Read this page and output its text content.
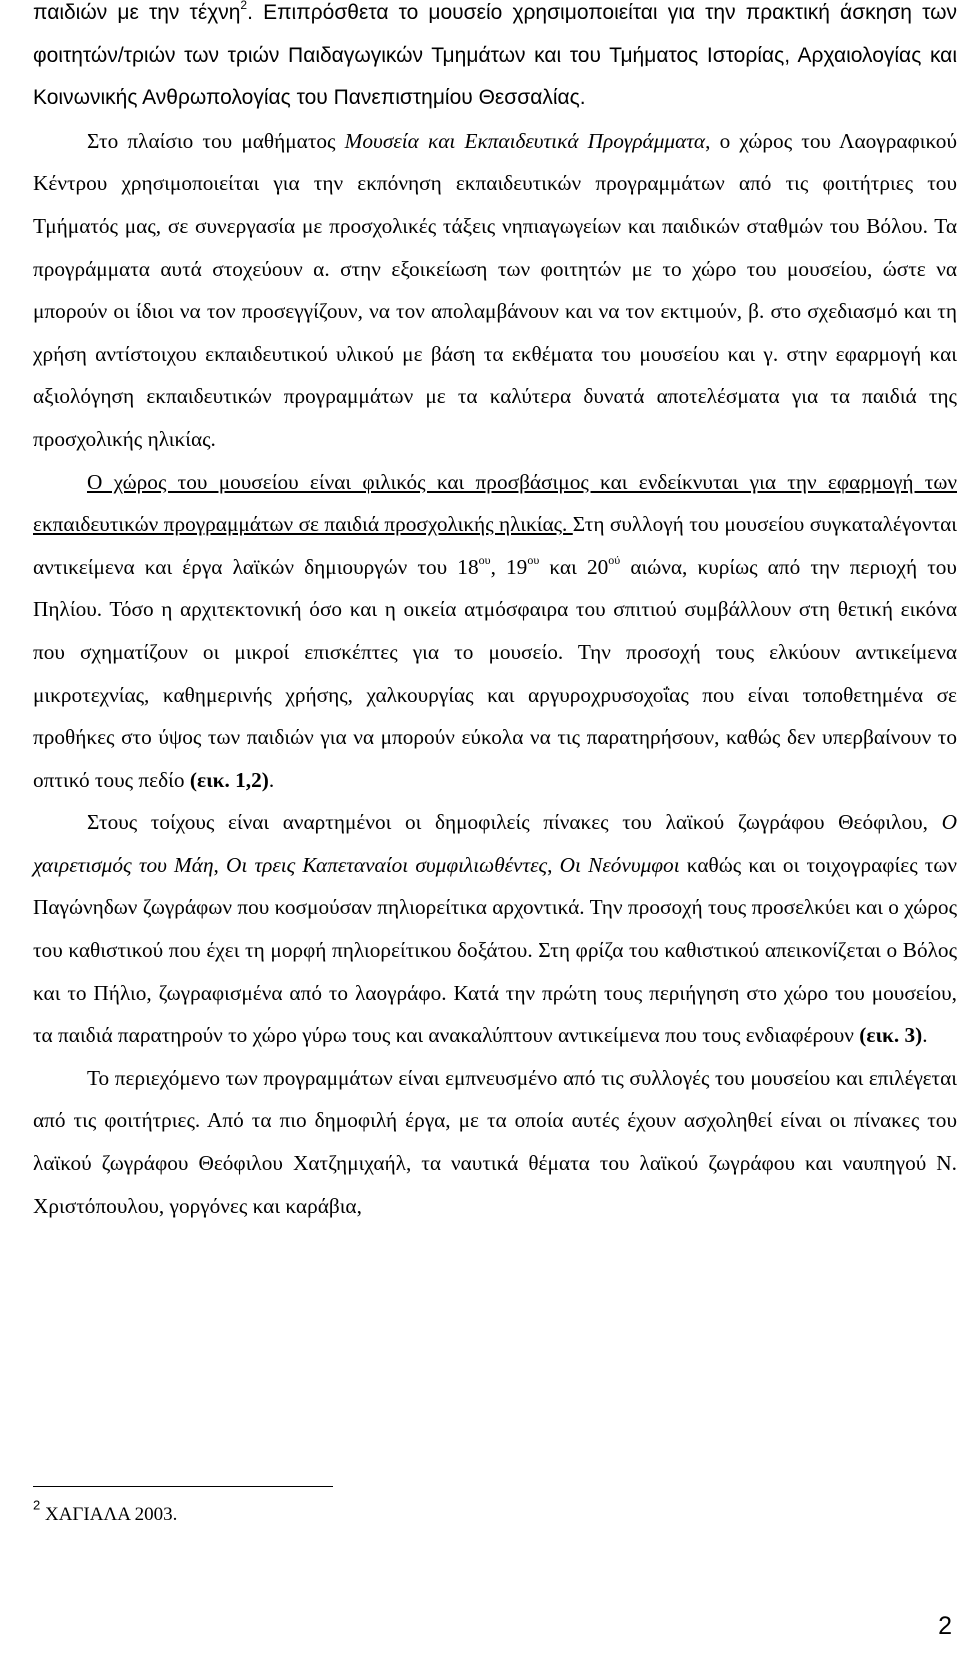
παιδιών με την τέχνη$^2$. Επιπρόσθετα το μουσείο χρησιμοποιείται για την πρακτική άσκηση των φοιτητών/τριών των τριών Παιδαγωγικών Τμημάτων και του Τμήματος Ιστορίας, Αρχαιολογίας και Κοινωνικής Ανθρωπολογίας του Πανεπιστημίου Θεσσαλίας.

Στο πλαίσιο του μαθήματος Μουσεία και Εκπαιδευτικά Προγράμματα, ο χώρος του Λαογραφικού Κέντρου χρησιμοποιείται για την εκπόνηση εκπαιδευτικών προγραμμάτων από τις φοιτήτριες του Τμήματός μας, σε συνεργασία με προσχολικές τάξεις νηπιαγωγείων και παιδικών σταθμών του Βόλου. Τα προγράμματα αυτά στοχεύουν α. στην εξοικείωση των φοιτητών με το χώρο του μουσείου, ώστε να μπορούν οι ίδιοι να τον προσεγγίζουν, να τον απολαμβάνουν και να τον εκτιμούν, β. στο σχεδιασμό και τη χρήση αντίστοιχου εκπαιδευτικού υλικού με βάση τα εκθέματα του μουσείου και γ. στην εφαρμογή και αξιολόγηση εκπαιδευτικών προγραμμάτων με τα καλύτερα δυνατά αποτελέσματα για τα παιδιά της προσχολικής ηλικίας.

Ο χώρος του μουσείου είναι φιλικός και προσβάσιμος και ενδείκνυται για την εφαρμογή των εκπαιδευτικών προγραμμάτων σε παιδιά προσχολικής ηλικίας. Στη συλλογή του μουσείου συγκαταλέγονται αντικείμενα και έργα λαϊκών δημιουργών του $18^{o\upsilon}$, $19^{o\upsilon}$ και $20^{oύ}$ αιώνα, κυρίως από την περιοχή του Πηλίου. Τόσο η αρχιτεκτονική όσο και η οικεία ατμόσφαιρα του σπιτιού συμβάλλουν στη θετική εικόνα που σχηματίζουν οι μικροί επισκέπτες για το μουσείο. Την προσοχή τους ελκύουν αντικείμενα μικροτεχνίας, καθημερινής χρήσης, χαλκουργίας και αργυροχρυσοχοΐας που είναι τοποθετημένα σε προθήκες στο ύψος των παιδιών για να μπορούν εύκολα να τις παρατηρήσουν, καθώς δεν υπερβαίνουν το οπτικό τους πεδίο (εικ. 1,2).

Στους τοίχους είναι αναρτημένοι οι δημοφιλείς πίνακες του λαϊκού ζωγράφου Θεόφιλου, Ο χαιρετισμός του Μάη, Οι τρεις Καπεταναίοι συμφιλιωθέντες, Οι Νεόνυμφοι καθώς και οι τοιχογραφίες των Παγώνηδων ζωγράφων που κοσμούσαν πηλιορείτικα αρχοντικά. Την προσοχή τους προσελκύει και ο χώρος του καθιστικού που έχει τη μορφή πηλιορείτικου δοξάτου. Στη φρίζα του καθιστικού απεικονίζεται ο Βόλος και το Πήλιο, ζωγραφισμένα από το λαογράφο. Κατά την πρώτη τους περιήγηση στο χώρο του μουσείου, τα παιδιά παρατηρούν το χώρο γύρω τους και ανακαλύπτουν αντικείμενα που τους ενδιαφέρουν (εικ. 3).

Το περιεχόμενο των προγραμμάτων είναι εμπνευσμένο από τις συλλογές του μουσείου και επιλέγεται από τις φοιτήτριες. Από τα πιο δημοφιλή έργα, με τα οποία αυτές έχουν ασχοληθεί είναι οι πίνακες του λαϊκού ζωγράφου Θεόφιλου Χατζημιχαήλ, τα ναυτικά θέματα του λαϊκού ζωγράφου και ναυπηγού Ν. Χριστόπουλου, γοργόνες και καράβια,

$^2$ ΧΑΓΙΑΛΑ 2003.
2
